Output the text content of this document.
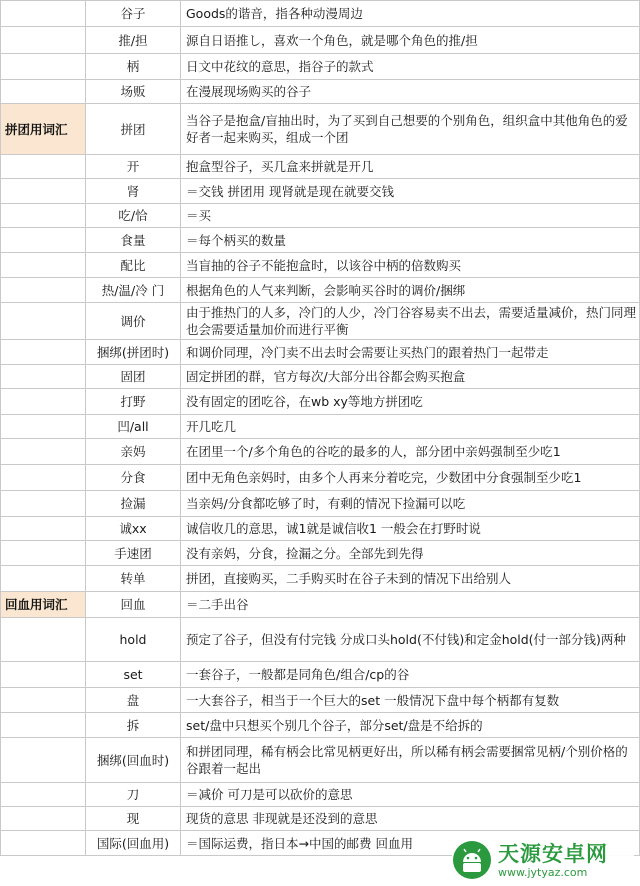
	谷子	Goods的谐音，指各种动漫周边
	推/担	源自日语推し，喜欢一个角色，就是哪个角色的推/担
	柄	日文中花纹的意思，指谷子的款式
	场贩	在漫展现场购买的谷子
拼团用词汇	拼团	当谷子是抱盒/盲抽出时，为了买到自己想要的个别角色，组织盒中其他角色的爱好者一起来购买，组成一个团
	开	抱盒型谷子，买几盒来拼就是开几
	肾	＝交钱 拼团用 现肾就是现在就要交钱
	吃/恰	＝买
	食量	＝每个柄买的数量
	配比	当盲抽的谷子不能抱盒时，以该谷中柄的倍数购买
	热/温/冷 门	根据角色的人气来判断，会影响买谷时的调价/捆绑
	调价	由于推热门的人多，冷门的人少，冷门谷容易卖不出去，需要适量减价，热门同理也会需要适量加价而进行平衡
	捆绑(拼团时)	和调价同理，冷门卖不出去时会需要让买热门的跟着热门一起带走
	固团	固定拼团的群，官方每次/大部分出谷都会购买抱盒
	打野	没有固定的团吃谷，在wb xy等地方拼团吃
	凹/all	开几吃几
	亲妈	在团里一个/多个角色的谷吃的最多的人，部分团中亲妈强制至少吃1
	分食	团中无角色亲妈时，由多个人再来分着吃完，少数团中分食强制至少吃1
	捡漏	当亲妈/分食都吃够了时，有剩的情况下捡漏可以吃
	诚xx	诚信收几的意思，诚1就是诚信收1 一般会在打野时说
	手速团	没有亲妈，分食，捡漏之分。全部先到先得
	转单	拼团，直接购买，二手购买时在谷子未到的情况下出给别人
回血用词汇	回血	＝二手出谷
	hold	预定了谷子，但没有付完钱 分成口头hold(不付钱)和定金hold(付一部分钱)两种
	set	一套谷子，一般都是同角色/组合/cp的谷
	盘	一大套谷子，相当于一个巨大的set 一般情况下盘中每个柄都有复数
	拆	set/盘中只想买个别几个谷子，部分set/盘是不给拆的
	捆绑(回血时)	和拼团同理，稀有柄会比常见柄更好出，所以稀有柄会需要捆常见柄/个别价格的谷跟着一起出
	刀	＝减价 可刀是可以砍价的意思
	现	现货的意思 非现就是还没到的意思
	国际(回血用)	＝国际运费，指日本→中国的邮费 回血用	天源安卓网
www.jytyaz.com
